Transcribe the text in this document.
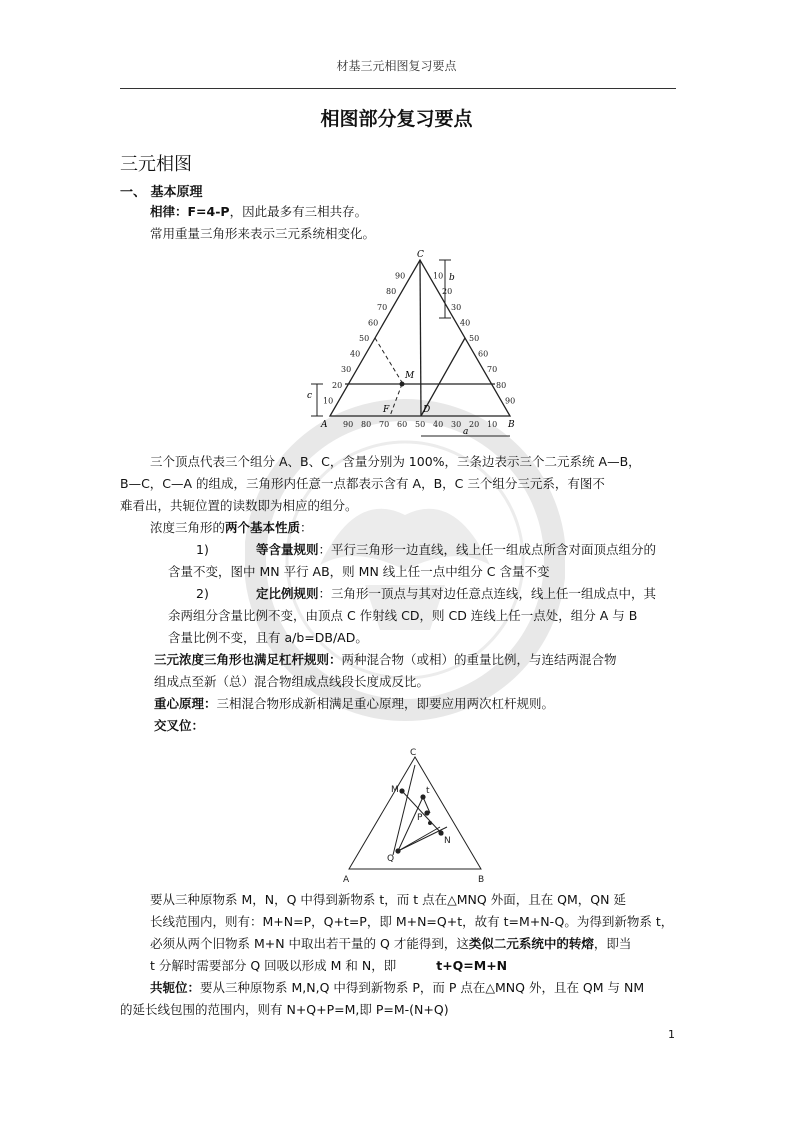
材基三元相图复习要点
相图部分复习要点
三元相图
一、 基本原理
相律：F=4-P，因此最多有三相共存。
常用重量三角形来表示三元系统相变化。
M
D
F
A	B
C
90 80 70 60 50 40 30 20 10
10
20
30
40
50
60
70
80
90	10
20
30
40
50
60
70
80
90
a
b
c
三个顶点代表三个组分 A、B、C，含量分别为 100%，三条边表示三个二元系统 A—B，
B—C，C—A 的组成，三角形内任意一点都表示含有 A，B，C 三个组分三元系，有图不
难看出，共轭位置的读数即为相应的组分。
浓度三角形的两个基本性质：
1)	等含量规则：平行三角形一边直线，线上任一组成点所含对面顶点组分的
含量不变，图中 MN 平行 AB，则 MN 线上任一点中组分 C 含量不变
2)	定比例规则：三角形一顶点与其对边任意点连线，线上任一组成点中，其
余两组分含量比例不变，由顶点 C 作射线 CD，则 CD 连线上任一点处，组分 A 与 B
含量比例不变，且有 a/b=DB/AD。
三元浓度三角形也满足杠杆规则：两种混合物（或相）的重量比例，与连结两混合物
组成点至新（总）混合物组成点线段长度成反比。
重心原理：三相混合物形成新相满足重心原理，即要应用两次杠杆规则。
交叉位：
C
A	B
M	t
P
N
Q
要从三种原物系 M，N，Q 中得到新物系 t，而 t 点在△MNQ 外面，且在 QM，QN 延
长线范围内，则有：M+N=P，Q+t=P，即 M+N=Q+t，故有 t=M+N-Q。为得到新物系 t，
必须从两个旧物系 M+N 中取出若干量的 Q 才能得到，这类似二元系统中的转熔，即当
t 分解时需要部分 Q 回吸以形成 M 和 N，即	t+Q=M+N
共轭位：要从三种原物系 M,N,Q 中得到新物系 P，而 P 点在△MNQ 外，且在 QM 与 NM
的延长线包围的范围内，则有 N+Q+P=M,即 P=M-(N+Q)
1
